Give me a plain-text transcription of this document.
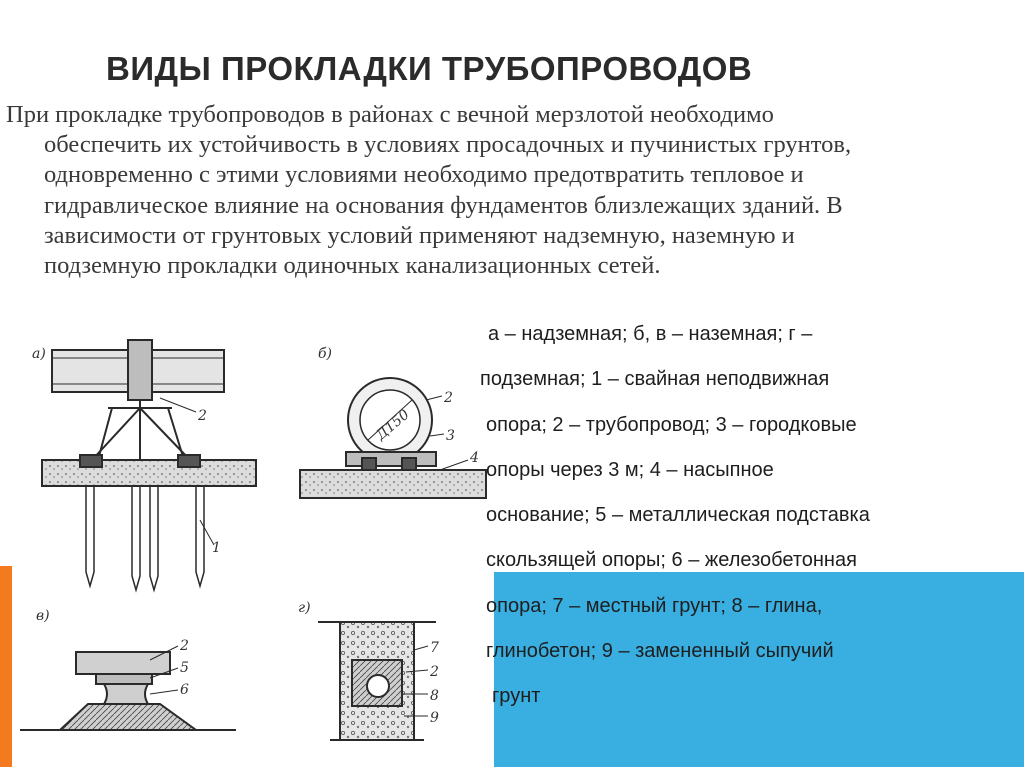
ВИДЫ ПРОКЛАДКИ ТРУБОПРОВОДОВ

При прокладке трубопроводов в районах с вечной мерзлотой необходимо
обеспечить их устойчивость в условиях просадочных и пучинистых грунтов,
одновременно с этими условиями необходимо предотвратить тепловое и
гидравлическое влияние на основания фундаментов близлежащих зданий. В
зависимости от грунтовых условий применяют надземную, наземную и
подземную прокладки одиночных канализационных сетей.

а – надземная; б, в – наземная; г –
подземная; 1 – свайная неподвижная
опора; 2 – трубопровод; 3 – городковые
опоры через 3 м; 4 – насыпное
основание; 5 – металлическая подставка
скользящей опоры; 6 – железобетонная
опора; 7 – местный грунт; 8 – глина,
глинобетон; 9 – замененный сыпучий
грунт
а)
2
1
б)
Д150
2
3
4
в)
2
5
6
г)
7
2
8
9
